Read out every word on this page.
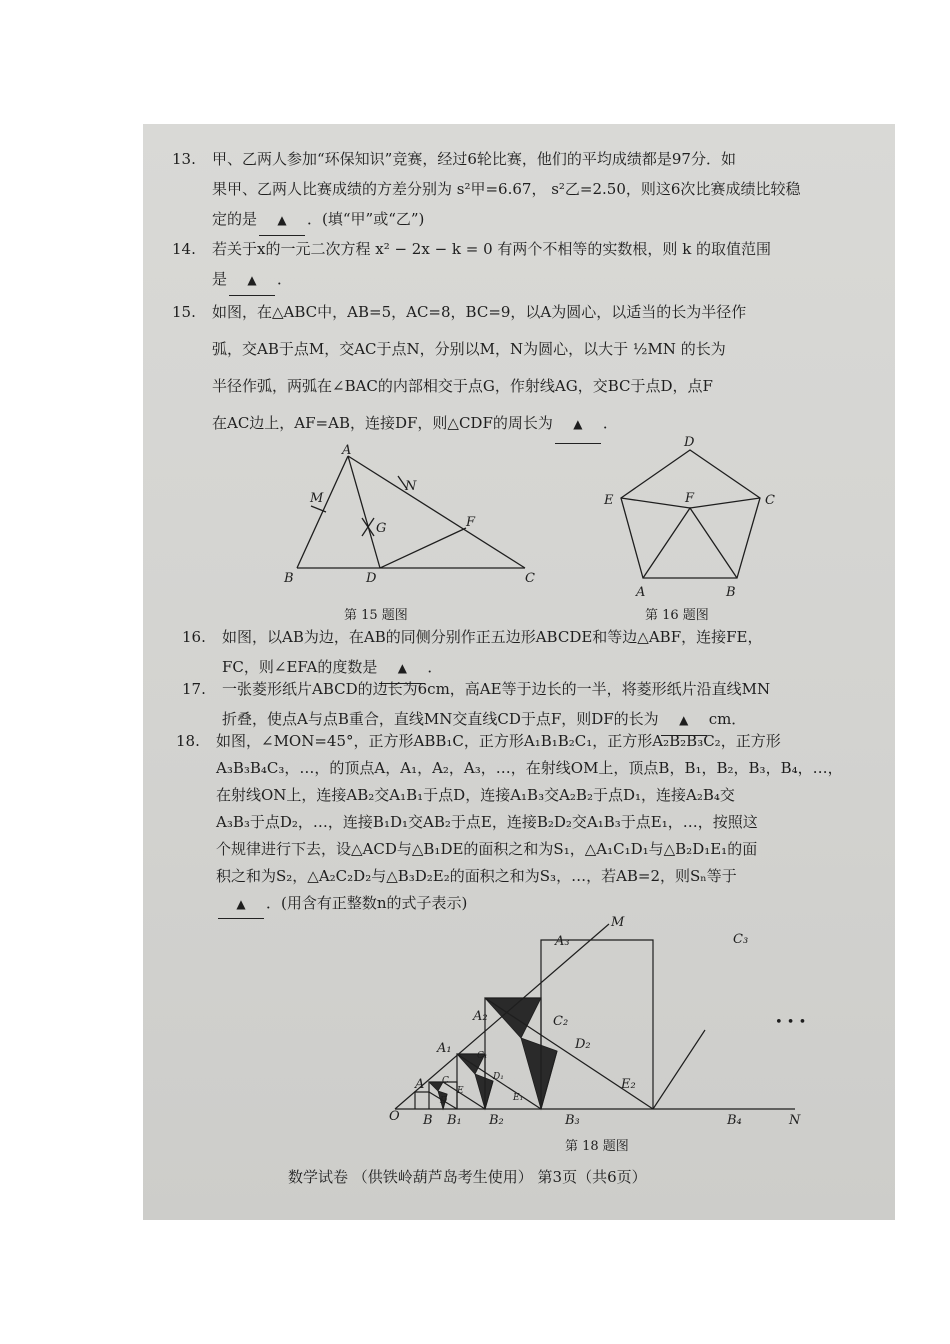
13. 甲、乙两人参加“环保知识”竞赛，经过6轮比赛，他们的平均成绩都是97分．如
果甲、乙两人比赛成绩的方差分别为 s²甲=6.67， s²乙=2.50，则这6次比赛成绩比较稳
定的是 ▲ ．(填“甲”或“乙”)
14. 若关于x的一元二次方程 x² − 2x − k = 0 有两个不相等的实数根，则 k 的取值范围
是 ▲ ．
15. 如图，在△ABC中，AB=5，AC=8，BC=9，以A为圆心，以适当的长为半径作
弧，交AB于点M，交AC于点N，分别以M，N为圆心，以大于 ½MN 的长为
半径作弧，两弧在∠BAC的内部相交于点G，作射线AG，交BC于点D，点F
在AC边上，AF=AB，连接DF，则△CDF的周长为 ▲ ．
A
B	C
M
N
G
D
F
第 15 题图
D
E	F	C
A	B
第 16 题图
16. 如图，以AB为边，在AB的同侧分别作正五边形ABCDE和等边△ABF，连接FE，
FC，则∠EFA的度数是 ▲ ．
17. 一张菱形纸片ABCD的边长为6cm，高AE等于边长的一半，将菱形纸片沿直线MN
折叠，使点A与点B重合，直线MN交直线CD于点F，则DF的长为 ▲ cm．
18. 如图，∠MON=45°，正方形ABB₁C，正方形A₁B₁B₂C₁，正方形A₂B₂B₃C₂，正方形
A₃B₃B₄C₃，…，的顶点A，A₁，A₂，A₃，…，在射线OM上，顶点B，B₁，B₂，B₃，B₄，…，
在射线ON上，连接AB₂交A₁B₁于点D，连接A₁B₃交A₂B₂于点D₁，连接A₂B₄交
A₃B₃于点D₂，…，连接B₁D₁交AB₂于点E，连接B₂D₂交A₁B₃于点E₁，…，按照这
个规律进行下去，设△ACD与△B₁DE的面积之和为S₁，△A₁C₁D₁与△B₂D₁E₁的面
积之和为S₂，△A₂C₂D₂与△B₃D₂E₂的面积之和为S₃，…，若AB=2，则Sₙ等于
▲ ．(用含有正整数n的式子表示)
O
M
N
A
A₁
A₂
A₃
B B₁ B₂	B₃	B₄
C
C₁
C₂
C₃
D
D₁
D₂
E
E₁
E₂
• • •
第 18 题图
数学试卷 （供铁岭葫芦岛考生使用） 第3页（共6页）
